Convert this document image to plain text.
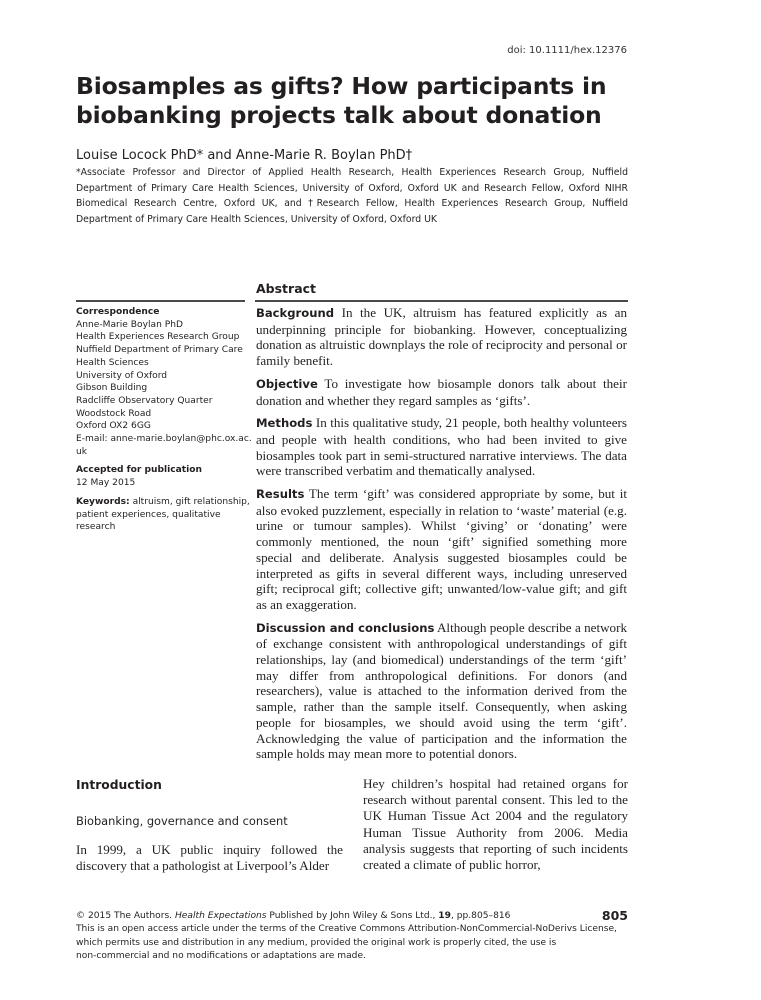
doi: 10.1111/hex.12376
Biosamples as gifts? How participants in biobanking projects talk about donation
Louise Locock PhD* and Anne-Marie R. Boylan PhD†
*Associate Professor and Director of Applied Health Research, Health Experiences Research Group, Nuffield Department of Primary Care Health Sciences, University of Oxford, Oxford UK and Research Fellow, Oxford NIHR Biomedical Research Centre, Oxford UK, and †Research Fellow, Health Experiences Research Group, Nuffield Department of Primary Care Health Sciences, University of Oxford, Oxford UK
Abstract
Correspondence
Anne-Marie Boylan PhD
Health Experiences Research Group
Nuffield Department of Primary Care
Health Sciences
University of Oxford
Gibson Building
Radcliffe Observatory Quarter
Woodstock Road
Oxford OX2 6GG
E-mail: anne-marie.boylan@phc.ox.ac.
uk
Accepted for publication
12 May 2015
Keywords: altruism, gift relationship,
patient experiences, qualitative
research

Background In the UK, altruism has featured explicitly as an underpinning principle for biobanking. However, conceptualizing donation as altruistic downplays the role of reciprocity and personal or family benefit.

Objective To investigate how biosample donors talk about their donation and whether they regard samples as ‘gifts’.

Methods In this qualitative study, 21 people, both healthy volunteers and people with health conditions, who had been invited to give biosamples took part in semi-structured narrative interviews. The data were transcribed verbatim and thematically analysed.

Results The term ‘gift’ was considered appropriate by some, but it also evoked puzzlement, especially in relation to ‘waste’ material (e.g. urine or tumour samples). Whilst ‘giving’ or ‘donating’ were commonly mentioned, the noun ‘gift’ signified something more special and deliberate. Analysis suggested biosamples could be interpreted as gifts in several different ways, including unreserved gift; reciprocal gift; collective gift; unwanted/low-value gift; and gift as an exaggeration.

Discussion and conclusions Although people describe a network of exchange consistent with anthropological understandings of gift relationships, lay (and biomedical) understandings of the term ‘gift’ may differ from anthropological definitions. For donors (and researchers), value is attached to the information derived from the sample, rather than the sample itself. Consequently, when asking people for biosamples, we should avoid using the term ‘gift’. Acknowledging the value of participation and the information the sample holds may mean more to potential donors.

Introduction
Biobanking, governance and consent

In 1999, a UK public inquiry followed the discovery that a pathologist at Liverpool’s Alder

Hey children’s hospital had retained organs for research without parental consent. This led to the UK Human Tissue Act 2004 and the regulatory Human Tissue Authority from 2006. Media analysis suggests that reporting of such incidents created a climate of public horror,

© 2015 The Authors. Health Expectations Published by John Wiley & Sons Ltd., 19, pp.805–816
This is an open access article under the terms of the Creative Commons Attribution-NonCommercial-NoDerivs License,
which permits use and distribution in any medium, provided the original work is properly cited, the use is
non-commercial and no modifications or adaptations are made.
805
